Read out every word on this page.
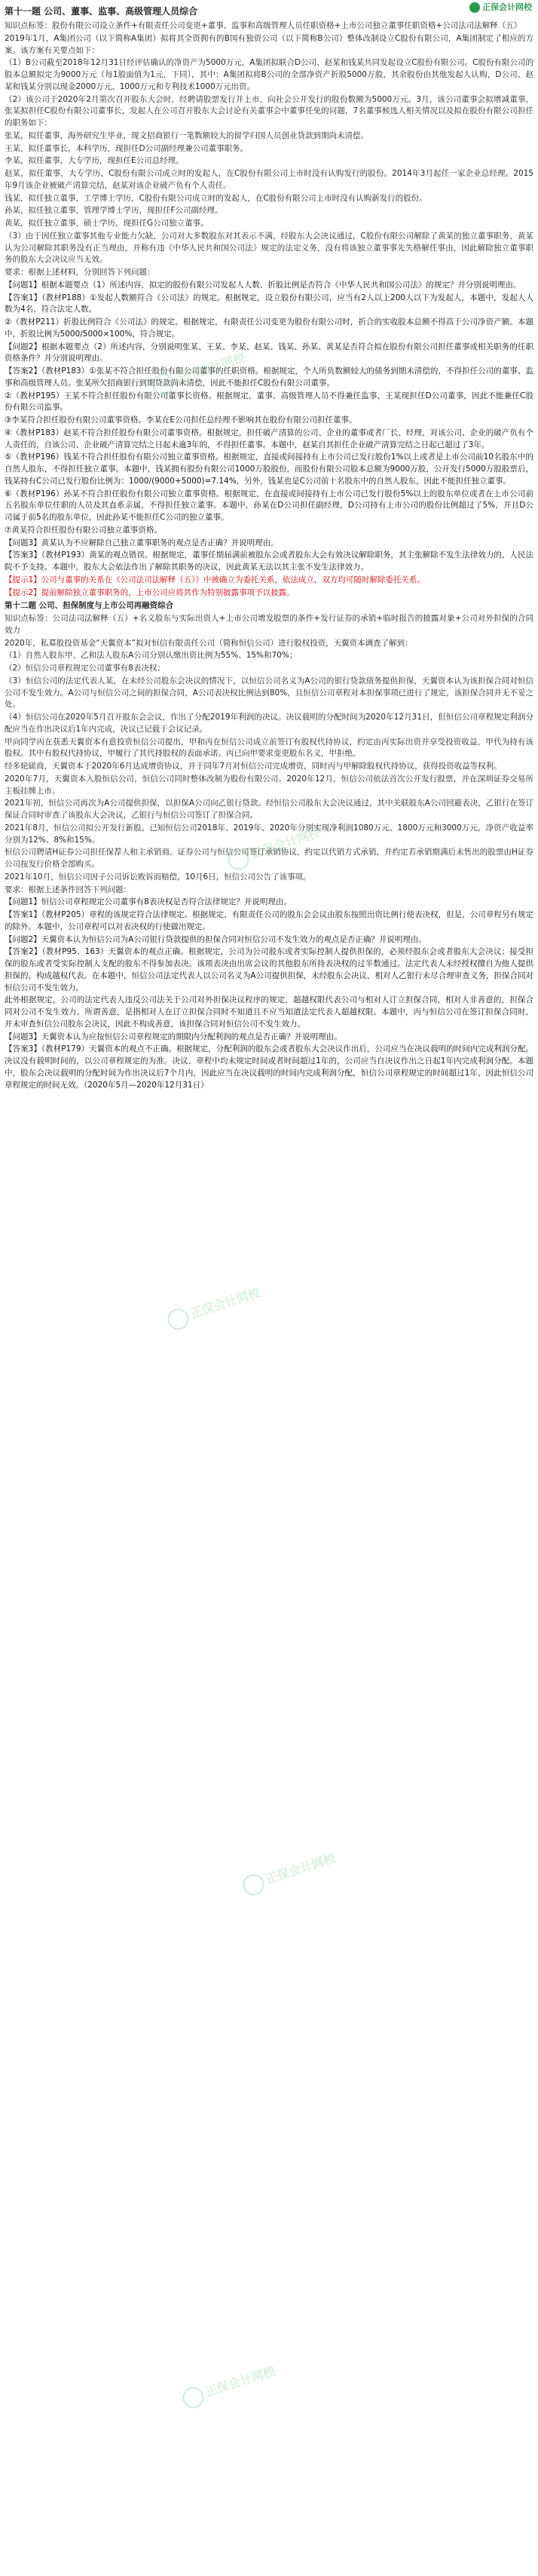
正保会计网校
第十一题 公司、董事、监事、高级管理人员综合

知识点标签：股份有限公司设立条件+有限责任公司变更+董事、监事和高级管理人员任职资格+上市公司独立董事任职资格+公司法司法解释（五）

2019年1月，A集团公司（以下简称A集团）拟将其全资拥有的B国有独资公司（以下简称B公司）整体改制设立C股份有限公司，A集团制定了相应的方案。该方案有关要点如下：

（1）B公司截至2018年12月31日经评估确认的净资产为5000万元，A集团拟联合D公司、赵某和钱某共同发起设立C股份有限公司。C股份有限公司的股本总额拟定为9000万元（每1股面值为1元，下同），其中：A集团拟将B公司的全部净资产折股5000万股，其余股份由其他发起人认购，D公司、赵某和钱某分别以现金2000万元、1000万元和专利技术1000万元出资。

（2）该公司于2020年2月第次召开股东大会时，经聘请股票发行并上市，向社会公开发行的股份数额为5000万元。3月，该公司董事会拟增减董事，张某拟担任C股份有限公司董事长，发起人在公司召开股东大会讨论有关董事会中董事任免的问题，7名董事候选人相关情况以及拟在股份有限公司担任的职务如下：

张某，拟任董事，海外研究生毕业，现文招商银行一笔数额较大的留学归国人员创业贷款到期尚未清偿。

王某，拟任董事长，本科学历，现担任D公司副经理兼公司董事职务。

李某，拟任董事，大专学历，现担任E公司总经理。

赵某，拟任董事，大专学历，C股份有限公司成立时的发起人，在C股份有限公司上市时没有认购发行的股份。2014年3月起任一家企业总经理。2015年9月该企业被破产清算完结，赵某对该企业破产负有个人责任。

钱某，拟任独立董事，工学博士学历，C股份有限公司成立时的发起人，在C股份有限公司上市时没有认购新发行的股份。

孙某，拟任独立董事，管理学博士学历，现担任F公司副经理。

黄某，拟任独立董事，硕士学历，现担任G公司独立董事。

（3）由于因任独立董事其他专业能力欠缺，公司对大多数股东对其表示不满，经股东大会决议通过，C股份有限公司解除了黄某的独立董事职务，黄某认为公司解除其职务没有正当理由，并称有违《中华人民共和国公司法》规定的法定义务，没有将该独立董事事先失格解任事由，因此解除独立董事职务的股东大会决议应当无效。

要求：根据上述材料，分别回答下列问题：

【问题1】根据本题要点（1）所述内容，拟定的股份有限公司发起人人数、折股比例是否符合《中华人民共和国公司法》的规定？并分别说明理由。

【答案1】（教材P188）①发起人数额符合《公司法》的规定。根据规定，设立股份有限公司，应当有2人以上200人以下为发起人，本题中，发起人人数为4名，符合法定人数。

②（教材P211）折股比例符合《公司法》的规定。根据规定，有限责任公司变更为股份有限公司时，折合的实收股本总额不得高于公司净资产额。本题中，折股比例为5000/5000×100%，符合规定。

【问题2】根据本题要点（2）所述内容，分别说明张某、王某、李某、赵某、钱某、孙某、黄某是否符合拟在股份有限公司担任董事或相关职务的任职资格条件？并分别说明理由。

【答案2】（教材P183）①张某不符合担任股份有限公司董事的任职资格。根据规定，个人所负数额较大的债务到期未清偿的，不得担任公司的董事、监事和高级管理人员。张某所欠招商银行到期贷款尚未清偿，因此不能担任C股份有限公司董事。

②（教材P195）王某不符合担任股份有限公司董事长资格。根据规定，董事、高级管理人员不得兼任监事，王某现担任D公司董事，因此不能兼任C股份有限公司监事。

③李某符合担任股份有限公司董事资格。李某在E公司担任总经理不影响其在股份有限公司担任董事。

④（教材P183）赵某不符合担任股份有限公司董事资格。根据规定，担任破产清算的公司、企业的董事或者厂长、经理，对该公司、企业的破产负有个人责任的，自该公司、企业破产清算完结之日起未逾3年的，不得担任董事。本题中，赵某自其担任企业破产清算完结之日起已超过了3年。

⑤（教材P196）钱某不符合担任股份有限公司独立董事资格。根据规定，直接或间接持有上市公司已发行股份1%以上或者是上市公司前10名股东中的自然人股东，不得担任独立董事。本题中，钱某拥有股份有限公司1000万股股份，而股份有限公司股本总额为9000万股，公开发行5000万股股票后，钱某持有C公司已发行股份比例为：1000/(9000+5000)=7.14%，另外，钱某也是C公司前十名股东中的自然人股东，因此不能担任独立董事。

⑥（教材P196）孙某不符合担任股份有限公司独立董事资格。根据规定，在直接或间接持有上市公司已发行股份5%以上的股东单位或者在上市公司前五名股东单位任职的人员及其直系亲属，不得担任独立董事。本题中，孙某在D公司担任副经理，D公司持有上市公司的股份比例超过了5%，并且D公司属于前5名的股东单位，因此孙某不能担任C公司的独立董事。

⑦黄某符合担任股份有限公司独立董事资格。

【问题3】黄某认为不应解除自己独立董事职务的观点是否正确？并说明理由。

【答案3】（教材P193）黄某的观点错误。根据规定，董事任期届满前被股东会或者股东大会有效决议解除职务，其主张解除不发生法律效力的，人民法院不予支持。本题中，股东大会依法作出了解除其职务的决议，因此黄某无法以其主张不发生法律效力。

【提示1】公司与董事的关系在《公司法司法解释（五）》中被确立为委托关系，依法成立，双方均可随时解除委托关系。

【提示2】提前解除独立董事职务的，上市公司应将其作为特别披露事项予以披露。

第十二题 公司、担保制度与上市公司再融资综合

知识点标签：公司法司法解释（五）+名义股东与实际出资人+上市公司增发股票的条件+发行证券的承销+临时报告的披露对象+公司对外担保的合同效力

2020年，私募股投资基金“天翼资本”拟对恒信有限责任公司（简称恒信公司）进行股权投资，天翼资本调查了解到：

（1）自然人股东甲、乙和法人股东A公司分别认缴出资比例为55%、15%和70%；

（2）恒信公司章程规定公司董事有8表决权；

（3）恒信公司的法定代表人某，在未经公司股东会决议的情况下，以恒信公司名义为A公司的银行贷款债务提供担保，天翼资本认为该担保合同对恒信公司不发生效力。A公司与恒信公司之间的担保合同，A公司表决权比例达到80%，且恒信公司章程对本担保事项已进行了规定，该担保合同并无不妥之处。

（4）恒信公司在2020年5月召开股东会会议，作出了分配2019年利润的决议。决议载明的分配时间为2020年12月31日，但恒信公司章程规定利润分配应当在作出决议后1年内完成，决议已记载于会议记录。

甲向同学丙在获悉天翼资本有意投资恒信公司提出，甲和丙在恒信公司成立前签订有股权代持协议，约定由丙实际出资并享受投资收益，甲代为持有该股权。其中有股权代持协议，甲履行了其代持股权的表面承诺。丙已向甲要求变更股东名义，甲拒绝。

经多轮磋商，天翼资本于2020年6月达成增资协议，并于同年7月对恒信公司完成增资，同时丙与甲解除股权代持协议，获得投资收益等权利。

2020年7月，天翼资本入股恒信公司，恒信公司同时整体改制为股份有限公司。2020年12月，恒信公司依法首次公开发行股票，并在深圳证券交易所主板挂牌上市。

2021年初，恒信公司再次为A公司提供担保，以担保A公司向乙银行贷款。经恒信公司股东大会决议通过，其中关联股东A公司回避表决，乙银行在签订保证合同时审查了该股东大会决议，乙银行与恒信公司签订了担保合同。

2021年8月，恒信公司拟公开发行新股。已知恒信公司2018年、2019年、2020年分别实现净利润1080万元、1800万元和3000万元，净资产收益率分别为12%、8%和15%。

恒信公司聘请H证券公司担任保荐人和主承销商。证券公司与恒信公司签订承销协议，约定以代销方式承销，并约定若承销期满后未售出的股票由H证券公司按发行价格全部购买。

2021年10月，恒信公司因子公司诉讼败诉而赔偿，10月6日，恒信公司公告了该事项。

要求：根据上述条件回答下列问题：

【问题1】恒信公司章程规定公司董事有8表决权是否符合法律规定？并说明理由。

【答案1】（教材P205）章程的该规定符合法律规定。根据规定，有限责任公司的股东会会议由股东按照出资比例行使表决权，但是，公司章程另有规定的除外。本题中，公司章程可以对表决权的行使做出规定。

【问题2】天翼资本认为恒信公司为A公司银行贷款提供的担保合同对恒信公司不发生效力的观点是否正确？并说明理由。

【答案2】（教材P95、163）天翼资本的观点正确。根据规定，公司为公司股东或者实际控制人提供担保的，必须经股东会或者股东大会决议；接受担保的股东或者受实际控制人支配的股东不得参加表决。该项表决由出席会议的其他股东所持表决权的过半数通过。法定代表人未经授权擅自为他人提供担保的，构成越权代表。在本题中，恒信公司法定代表人以公司名义为A公司提供担保，未经股东会决议，相对人乙银行未尽合理审查义务，担保合同对恒信公司不发生效力。

此外根据规定，公司的法定代表人违反公司法关于公司对外担保决议程序的规定，超越权限代表公司与相对人订立担保合同，相对人非善意的，担保合同对公司不发生效力。所谓善意，是指相对人在订立担保合同时不知道且不应当知道法定代表人超越权限。本题中，丙与恒信公司在签订担保合同时，并未审查恒信公司股东会决议，因此不构成善意，该担保合同对恒信公司不发生效力。

【问题3】天翼资本认为应按恒信公司章程规定的期限内分配利润的观点是否正确？并说明理由。

【答案3】（教材P179）天翼资本的观点不正确。根据规定，分配利润的股东会或者股东大会决议作出后，公司应当在决议载明的时间内完成利润分配。决议没有载明时间的，以公司章程规定的为准。决议、章程中均未规定时间或者时间超过1年的，公司应当自决议作出之日起1年内完成利润分配。本题中，股东会决议载明的分配时间为作出决议后7个月内，因此应当在决议载明的时间内完成利润分配，恒信公司章程规定的时间超过1年，因此恒信公司章程规定的时间无效。（2020年5月—2020年12月31日）

正保会计网校
正保会计网校
正保会计网校
正保会计网校
正保会计网校
